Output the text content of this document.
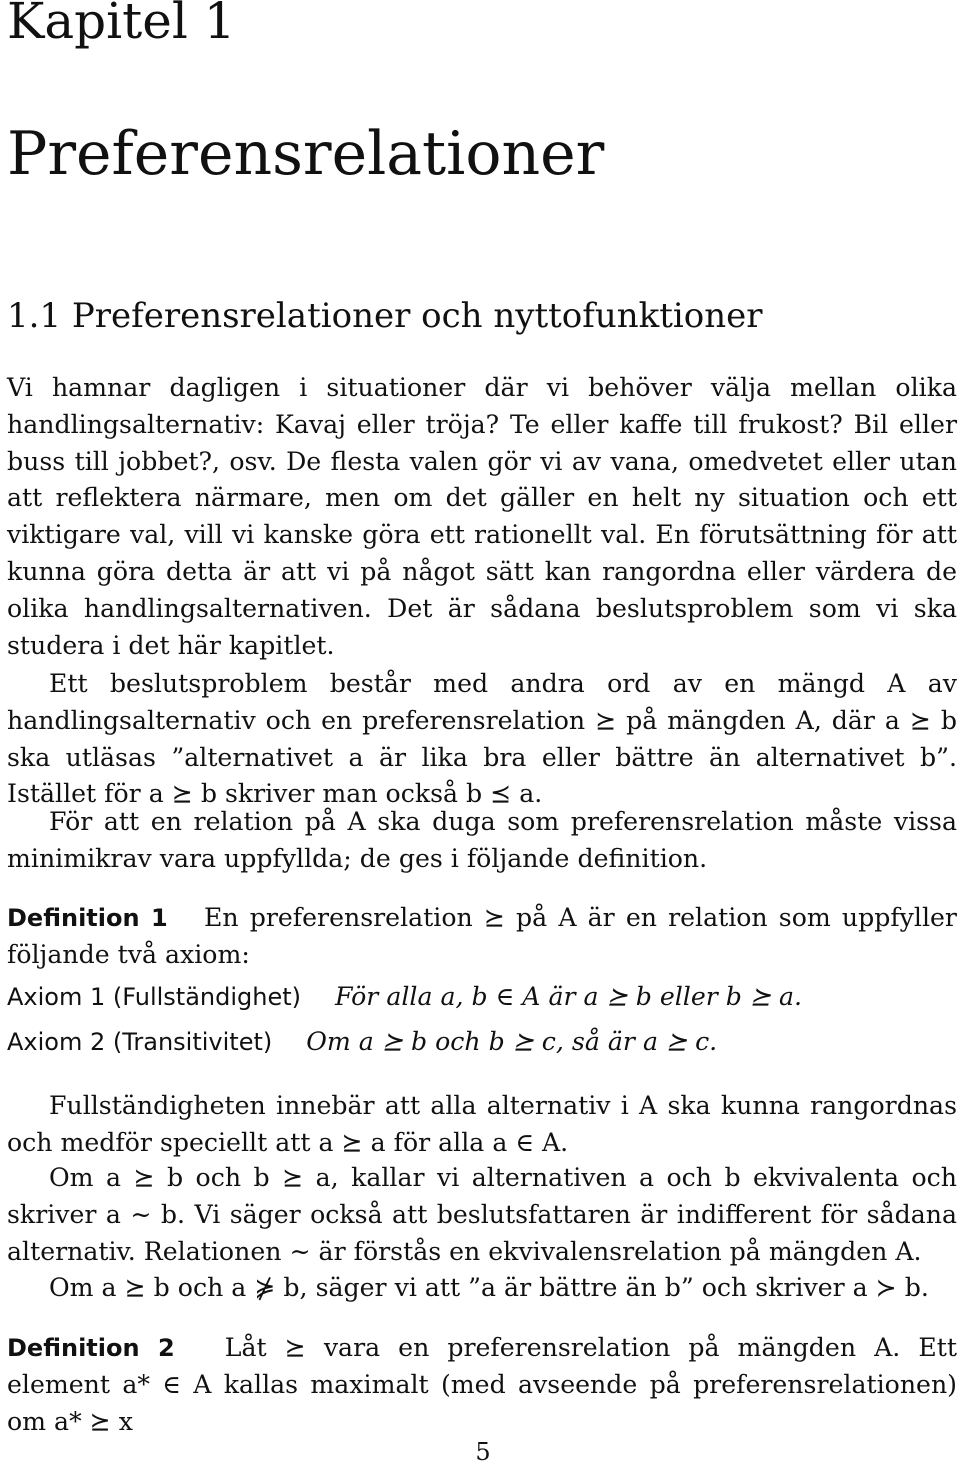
Kapitel 1
Preferensrelationer
1.1 Preferensrelationer och nyttofunktioner
Vi hamnar dagligen i situationer där vi behöver välja mellan olika handlingsalternativ: Kavaj eller tröja? Te eller kaffe till frukost? Bil eller buss till jobbet?, osv. De flesta valen gör vi av vana, omedvetet eller utan att reflektera närmare, men om det gäller en helt ny situation och ett viktigare val, vill vi kanske göra ett rationellt val. En förutsättning för att kunna göra detta är att vi på något sätt kan rangordna eller värdera de olika handlingsalternativen. Det är sådana beslutsproblem som vi ska studera i det här kapitlet.
Ett beslutsproblem består med andra ord av en mängd A av handlingsalternativ och en preferensrelation ⪰ på mängden A, där a ⪰ b ska utläsas ”alternativet a är lika bra eller bättre än alternativet b”. Istället för a ⪰ b skriver man också b ⪯ a.
För att en relation på A ska duga som preferensrelation måste vissa minimikrav vara uppfyllda; de ges i följande definition.
Definition 1 En preferensrelation ⪰ på A är en relation som uppfyller följande två axiom:
Axiom 1 (Fullständighet) För alla a, b ∈ A är a ⪰ b eller b ⪰ a.
Axiom 2 (Transitivitet) Om a ⪰ b och b ⪰ c, så är a ⪰ c.
Fullständigheten innebär att alla alternativ i A ska kunna rangordnas och medför speciellt att a ⪰ a för alla a ∈ A.
Om a ⪰ b och b ⪰ a, kallar vi alternativen a och b ekvivalenta och skriver a ∼ b. Vi säger också att beslutsfattaren är indifferent för sådana alternativ. Relationen ∼ är förstås en ekvivalensrelation på mängden A.
Om a ⪰ b och a ⋡ b, säger vi att ”a är bättre än b” och skriver a ≻ b.
Definition 2 Låt ⪰ vara en preferensrelation på mängden A. Ett element a* ∈ A kallas maximalt (med avseende på preferensrelationen) om a* ⪰ x
5
